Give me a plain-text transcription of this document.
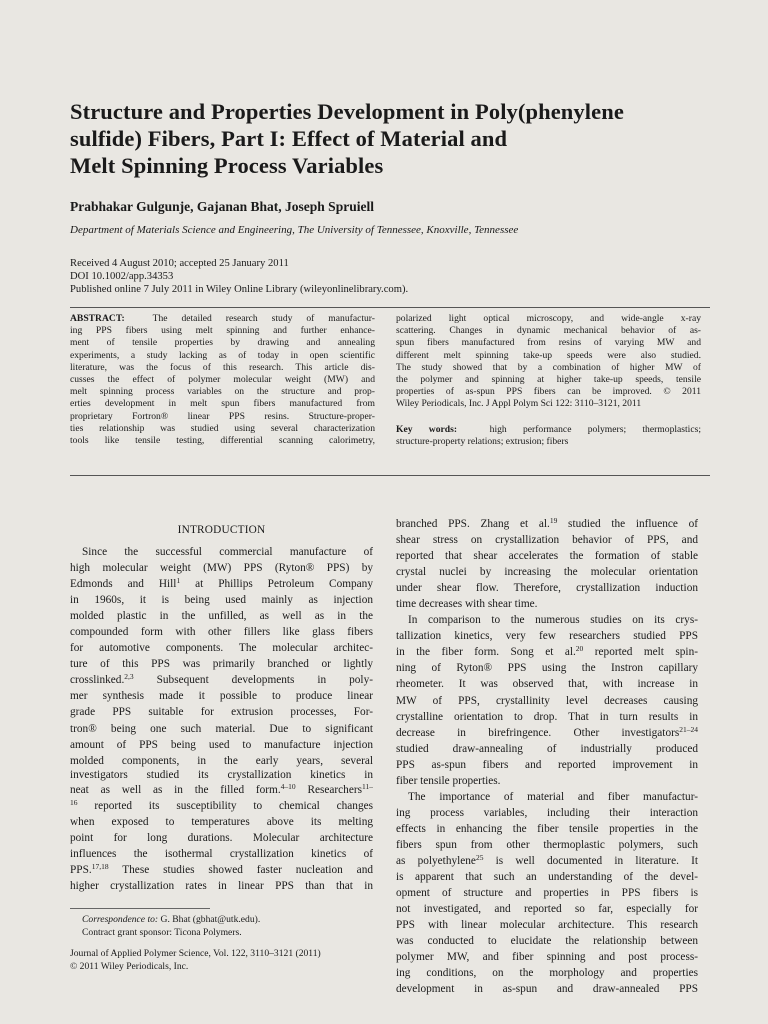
Structure and Properties Development in Poly(phenylene
sulfide) Fibers, Part I: Effect of Material and
Melt Spinning Process Variables

Prabhakar Gulgunje, Gajanan Bhat, Joseph Spruiell

Department of Materials Science and Engineering, The University of Tennessee, Knoxville, Tennessee

Received 4 August 2010; accepted 25 January 2011
DOI 10.1002/app.34353
Published online 7 July 2011 in Wiley Online Library (wileyonlinelibrary.com).
ABSTRACT:	The detailed research study of manufactur-
ing PPS fibers using melt spinning and further enhance-
ment of tensile properties by drawing and annealing
experiments, a study lacking as of today in open scientific
literature, was the focus of this research. This article dis-
cusses the effect of polymer molecular weight (MW) and
melt spinning process variables on the structure and prop-
erties development in melt spun fibers manufactured from
proprietary Fortron® linear PPS resins. Structure-proper-
ties relationship was studied using several characterization
tools like tensile testing, differential scanning calorimetry,
polarized light optical microscopy, and wide-angle x-ray
scattering. Changes in dynamic mechanical behavior of as-
spun fibers manufactured from resins of varying MW and
different melt spinning take-up speeds were also studied.
The study showed that by a combination of higher MW of
the polymer and spinning at higher take-up speeds, tensile
properties of as-spun PPS fibers can be improved. © 2011
Wiley Periodicals, Inc. J Appl Polym Sci 122: 3110–3121, 2011
Key words:	high performance polymers; thermoplastics;
structure-property relations; extrusion; fibers
INTRODUCTION
Since the successful commercial manufacture of
high molecular weight (MW) PPS (Ryton® PPS) by
Edmonds and Hill$^1$ at Phillips Petroleum Company
in 1960s, it is being used mainly as injection
molded plastic in the unfilled, as well as in the
compounded form with other fillers like glass fibers
for automotive components. The molecular architec-
ture of this PPS was primarily branched or lightly
crosslinked.$^{2,3}$ Subsequent developments in poly-
mer synthesis made it possible to produce linear
grade PPS suitable for extrusion processes, For-
tron® being one such material. Due to significant
amount of PPS being used to manufacture injection
molded components, in the early years, several
investigators studied its crystallization kinetics in
neat as well as in the filled form.$^{4-10}$ Researchers$^{11-}$
$^{16}$ reported its susceptibility to chemical changes
when exposed to temperatures above its melting
point for long durations. Molecular architecture
influences the isothermal crystallization kinetics of
PPS.$^{17,18}$ These studies showed faster nucleation and
higher crystallization rates in linear PPS than that in
branched PPS. Zhang et al.$^{19}$ studied the influence of
shear stress on crystallization behavior of PPS, and
reported that shear accelerates the formation of stable
crystal nuclei by increasing the molecular orientation
under shear flow. Therefore, crystallization induction
time decreases with shear time.
In comparison to the numerous studies on its crys-
tallization kinetics, very few researchers studied PPS
in the fiber form. Song et al.$^{20}$ reported melt spin-
ning of Ryton® PPS using the Instron capillary
rheometer. It was observed that, with increase in
MW of PPS, crystallinity level decreases causing
crystalline orientation to drop. That in turn results in
decrease in birefringence. Other investigators$^{21-24}$
studied draw-annealing of industrially produced
PPS as-spun fibers and reported improvement in
fiber tensile properties.
The importance of material and fiber manufactur-
ing process variables, including their interaction
effects in enhancing the fiber tensile properties in the
fibers spun from other thermoplastic polymers, such
as polyethylene$^{25}$ is well documented in literature. It
is apparent that such an understanding of the devel-
opment of structure and properties in PPS fibers is
not investigated, and reported so far, especially for
PPS with linear molecular architecture. This research
was conducted to elucidate the relationship between
polymer MW, and fiber spinning and post process-
ing conditions, on the morphology and properties
development in as-spun and draw-annealed PPS
Correspondence to: G. Bhat (gbhat@utk.edu).
Contract grant sponsor: Ticona Polymers.
Journal of Applied Polymer Science, Vol. 122, 3110–3121 (2011)
© 2011 Wiley Periodicals, Inc.
